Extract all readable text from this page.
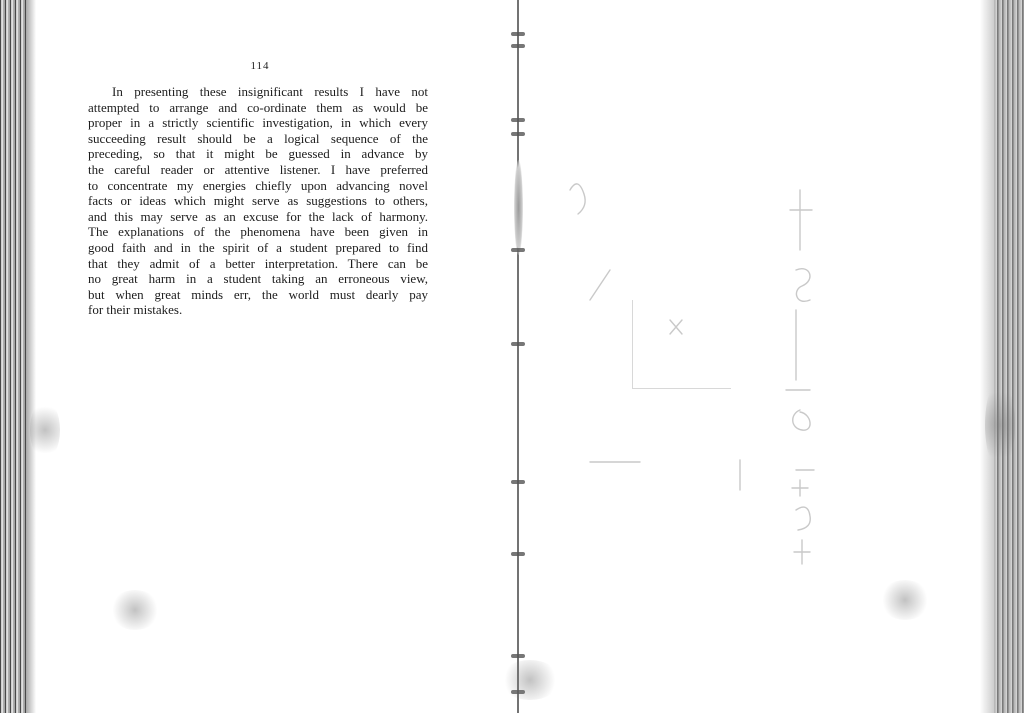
114
In presenting these insignificant results I have not
attempted to arrange and co-ordinate them as would be
proper in a strictly scientific investigation, in which every
succeeding result should be a logical sequence of the
preceding, so that it might be guessed in advance by
the careful reader or attentive listener. I have preferred
to concentrate my energies chiefly upon advancing novel
facts or ideas which might serve as suggestions to others,
and this may serve as an excuse for the lack of harmony.
The explanations of the phenomena have been given in
good faith and in the spirit of a student prepared to find
that they admit of a better interpretation. There can be
no great harm in a student taking an erroneous view,
but when great minds err, the world must dearly pay
for their mistakes.
